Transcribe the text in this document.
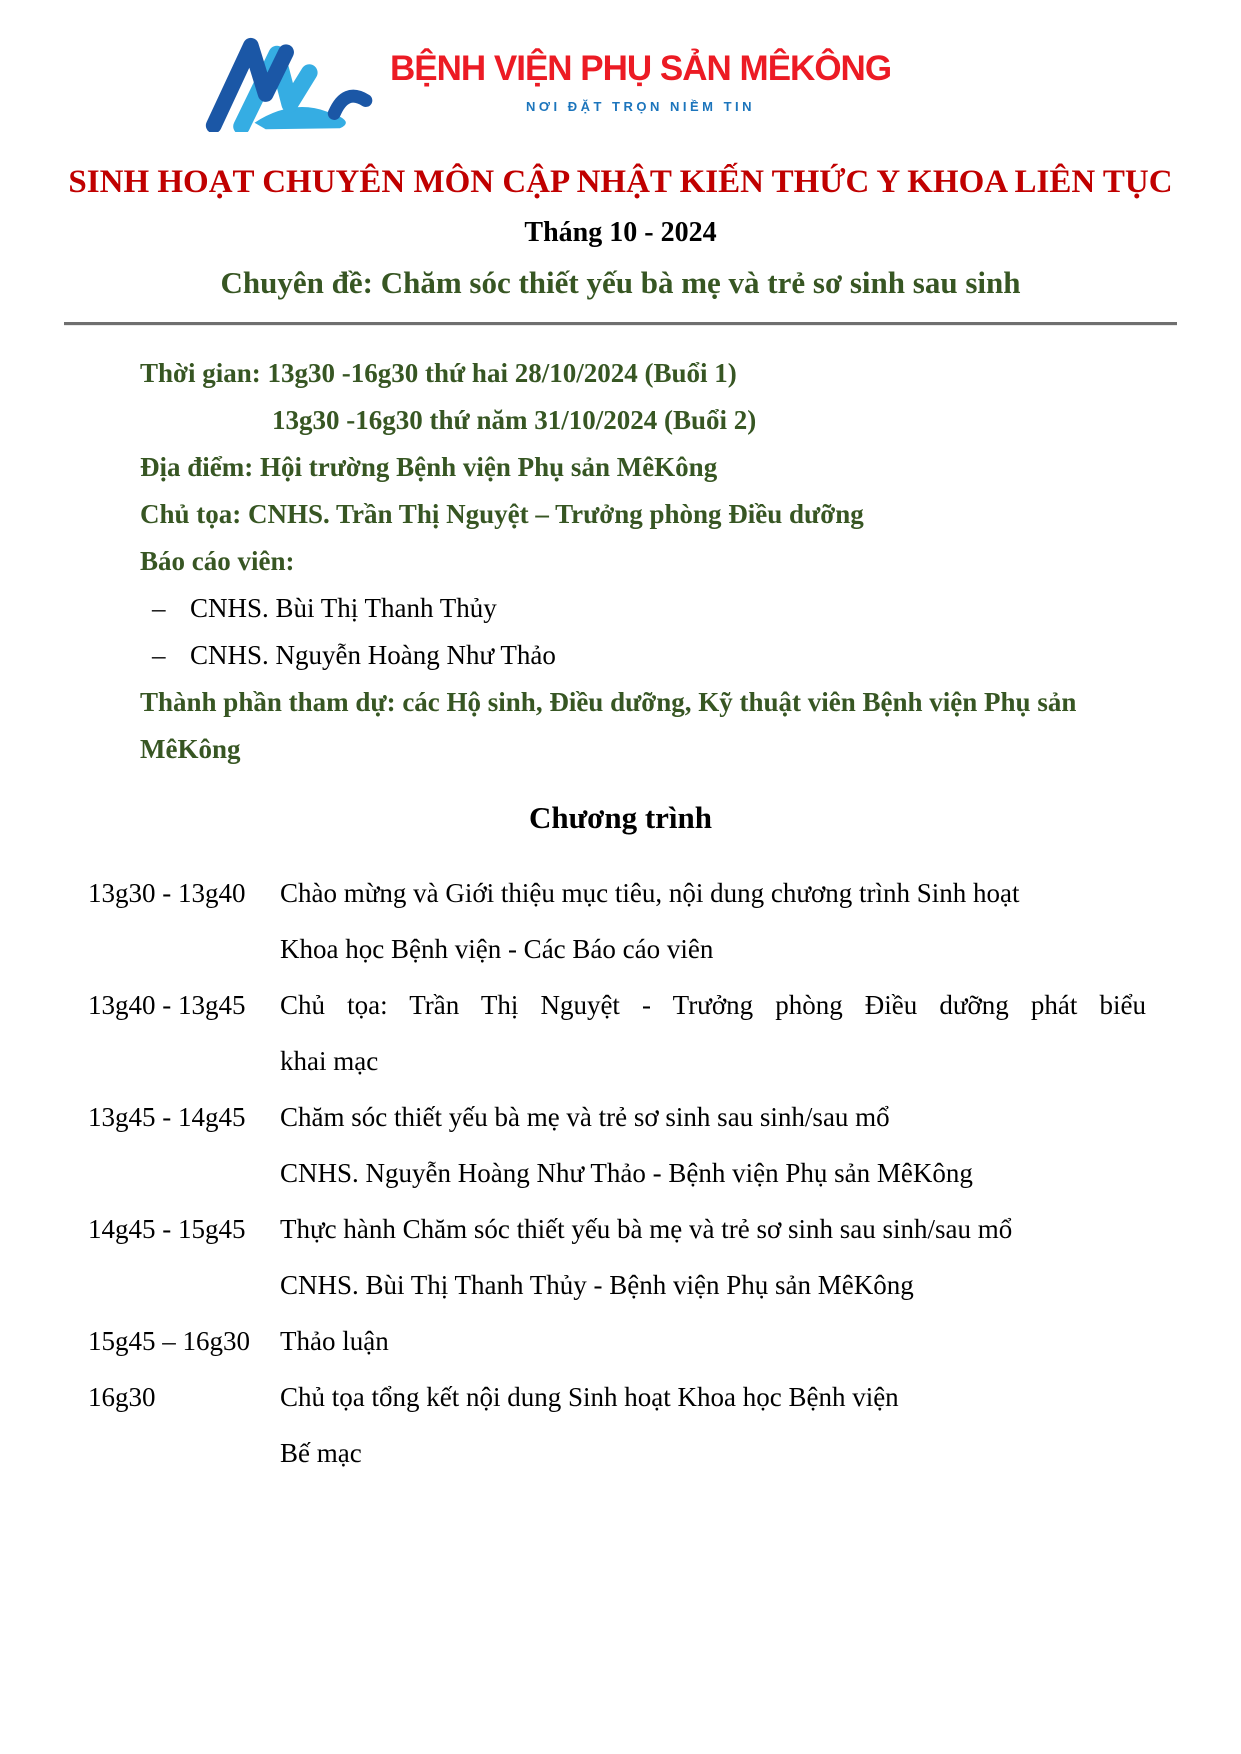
BỆNH VIỆN PHỤ SẢN MÊKÔNG
NƠI ĐẶT TRỌN NIỀM TIN
SINH HOẠT CHUYÊN MÔN CẬP NHẬT KIẾN THỨC Y KHOA LIÊN TỤC
Tháng 10 - 2024
Chuyên đề: Chăm sóc thiết yếu bà mẹ và trẻ sơ sinh sau sinh
Thời gian: 13g30 -16g30 thứ hai 28/10/2024 (Buổi 1)
13g30 -16g30 thứ năm 31/10/2024 (Buổi 2)
Địa điểm: Hội trường Bệnh viện Phụ sản MêKông
Chủ tọa: CNHS. Trần Thị Nguyệt – Trưởng phòng Điều dưỡng
Báo cáo viên:
– CNHS. Bùi Thị Thanh Thủy
– CNHS. Nguyễn Hoàng Như Thảo
Thành phần tham dự: các Hộ sinh, Điều dưỡng, Kỹ thuật viên Bệnh viện Phụ sản MêKông
Chương trình
13g30 - 13g40	Chào mừng và Giới thiệu mục tiêu, nội dung chương trình Sinh hoạt
Khoa học Bệnh viện - Các Báo cáo viên
13g40 - 13g45	Chủ tọa: Trần Thị Nguyệt - Trưởng phòng Điều dưỡng phát biểu
khai mạc
13g45 - 14g45	Chăm sóc thiết yếu bà mẹ và trẻ sơ sinh sau sinh/sau mổ
CNHS. Nguyễn Hoàng Như Thảo - Bệnh viện Phụ sản MêKông
14g45 - 15g45	Thực hành Chăm sóc thiết yếu bà mẹ và trẻ sơ sinh sau sinh/sau mổ
CNHS. Bùi Thị Thanh Thủy - Bệnh viện Phụ sản MêKông
15g45 – 16g30	Thảo luận
16g30	Chủ tọa tổng kết nội dung Sinh hoạt Khoa học Bệnh viện
Bế mạc
